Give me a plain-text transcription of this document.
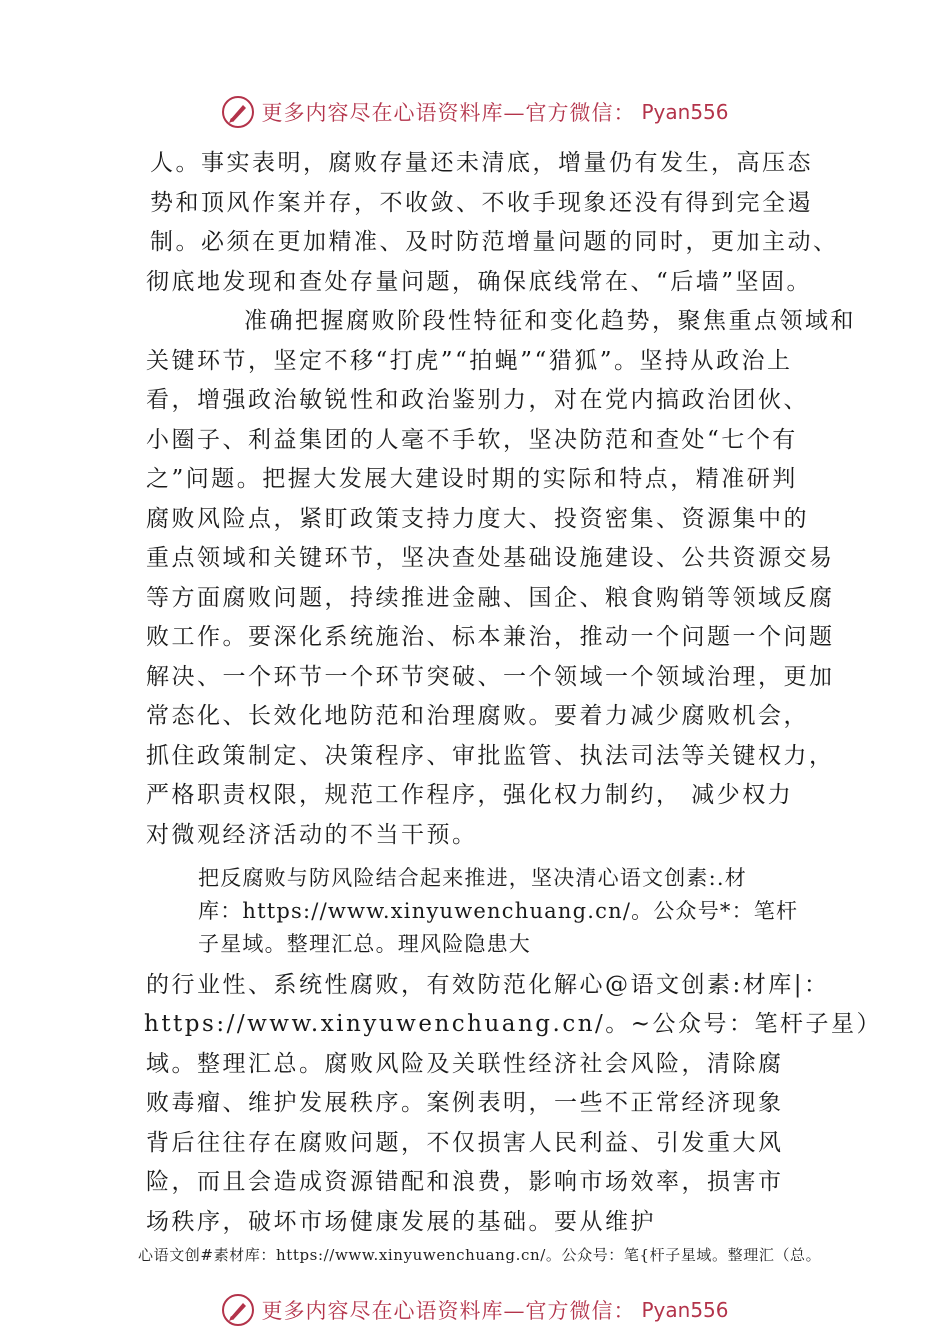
更多内容尽在心语资料库—官方微信： Pyan556
人。事实表明，腐败存量还未清底，增量仍有发生，高压态
势和顶风作案并存，不收敛、不收手现象还没有得到完全遏
制。必须在更加精准、及时防范增量问题的同时，更加主动、
彻底地发现和查处存量问题，确保底线常在、“后墙”坚固。
准确把握腐败阶段性特征和变化趋势，聚焦重点领域和
关键环节，坚定不移“打虎”“拍蝇”“猎狐”。坚持从政治上
看，增强政治敏锐性和政治鉴别力，对在党内搞政治团伙、
小圈子、利益集团的人毫不手软，坚决防范和查处“七个有
之”问题。把握大发展大建设时期的实际和特点，精准研判
腐败风险点，紧盯政策支持力度大、投资密集、资源集中的
重点领域和关键环节，坚决查处基础设施建设、公共资源交易
等方面腐败问题，持续推进金融、国企、粮食购销等领域反腐
败工作。要深化系统施治、标本兼治，推动一个问题一个问题
解决、一个环节一个环节突破、一个领域一个领域治理，更加
常态化、长效化地防范和治理腐败。要着力减少腐败机会，
抓住政策制定、决策程序、审批监管、执法司法等关键权力，
严格职责权限，规范工作程序，强化权力制约， 减少权力
对微观经济活动的不当干预。
把反腐败与防风险结合起来推进，坚决清心语文创素:.材
库：https://www.xinyuwenchuang.cn/。公众号*：笔杆
子星域。整理汇总。理风险隐患大
的行业性、系统性腐败，有效防范化解心@语文创素:材库|：
https://www.xinyuwenchuang.cn/。~公众号：笔杆子星）
域。整理汇总。腐败风险及关联性经济社会风险，清除腐
败毒瘤、维护发展秩序。案例表明，一些不正常经济现象
背后往往存在腐败问题，不仅损害人民利益、引发重大风
险，而且会造成资源错配和浪费，影响市场效率，损害市
场秩序，破坏市场健康发展的基础。要从维护
心语文创#素材库：https://www.xinyuwenchuang.cn/。公众号：笔{杆子星域。整理汇（总。
更多内容尽在心语资料库—官方微信： Pyan556
